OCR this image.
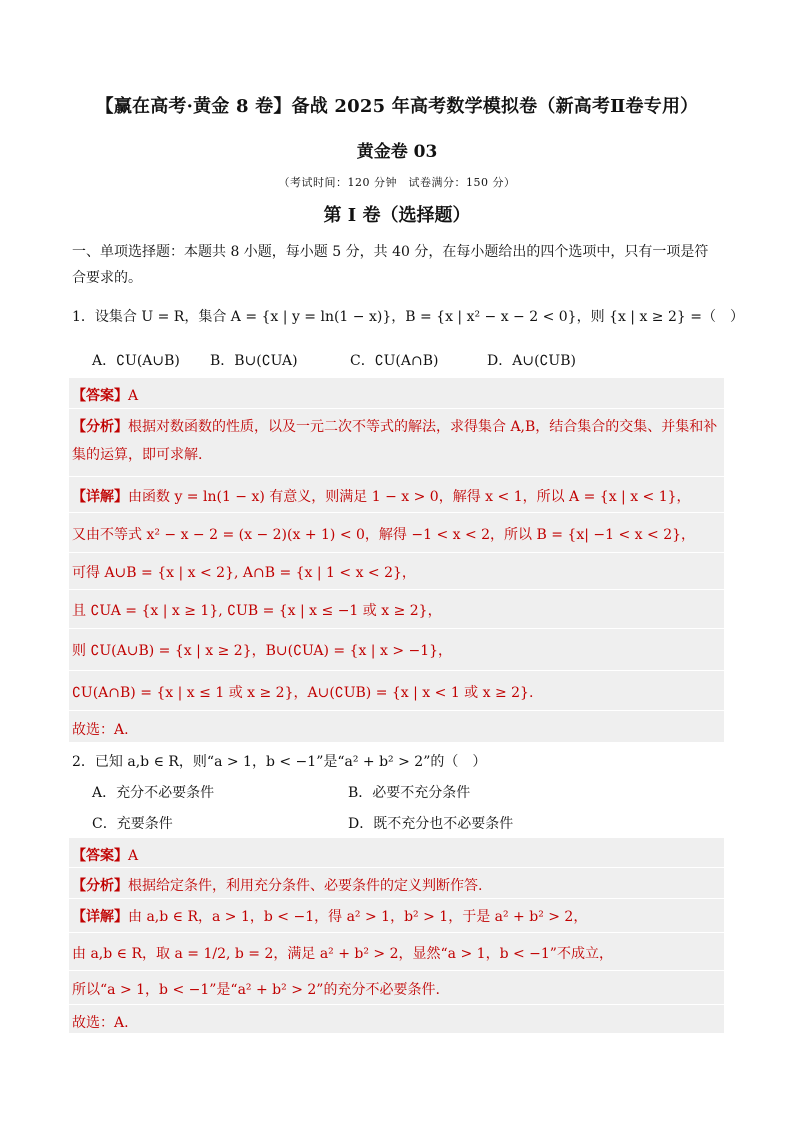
【赢在高考·黄金 8 卷】备战 2025 年高考数学模拟卷（新高考Ⅱ卷专用）
黄金卷 03
（考试时间：120 分钟　试卷满分：150 分）
第 I 卷（选择题）
一、单项选择题：本题共 8 小题，每小题 5 分，共 40 分，在每小题给出的四个选项中，只有一项是符合要求的。
1．设集合 U = R，集合 A = {x | y = ln(1 − x)}，B = {x | x² − x − 2 < 0}，则 {x | x ≥ 2} =（　）
A．∁U(A∪B) B．B∪(∁UA)	C．∁U(A∩B)	D．A∪(∁UB)
【答案】A
【分析】根据对数函数的性质，以及一元二次不等式的解法，求得集合 A,B，结合集合的交集、并集和补集的运算，即可求解.
【详解】由函数 y = ln(1 − x) 有意义，则满足 1 − x > 0，解得 x < 1，所以 A = {x | x < 1}，
又由不等式 x² − x − 2 = (x − 2)(x + 1) < 0，解得 −1 < x < 2，所以 B = {x| −1 < x < 2}，
可得 A∪B = {x | x < 2}, A∩B = {x | 1 < x < 2}，
且 ∁UA = {x | x ≥ 1}, ∁UB = {x | x ≤ −1 或 x ≥ 2}，
则 ∁U(A∪B) = {x | x ≥ 2}，B∪(∁UA) = {x | x > −1}，
∁U(A∩B) = {x | x ≤ 1 或 x ≥ 2}，A∪(∁UB) = {x | x < 1 或 x ≥ 2}.
故选：A.
2．已知 a,b ∈ R，则“a > 1，b < −1”是“a² + b² > 2”的（　）
A．充分不必要条件	B．必要不充分条件
C．充要条件	D．既不充分也不必要条件
【答案】A
【分析】根据给定条件，利用充分条件、必要条件的定义判断作答.
【详解】由 a,b ∈ R，a > 1，b < −1，得 a² > 1，b² > 1，于是 a² + b² > 2，
由 a,b ∈ R，取 a = 1/2, b = 2，满足 a² + b² > 2，显然“a > 1，b < −1”不成立，
所以“a > 1，b < −1”是“a² + b² > 2”的充分不必要条件.
故选：A.
